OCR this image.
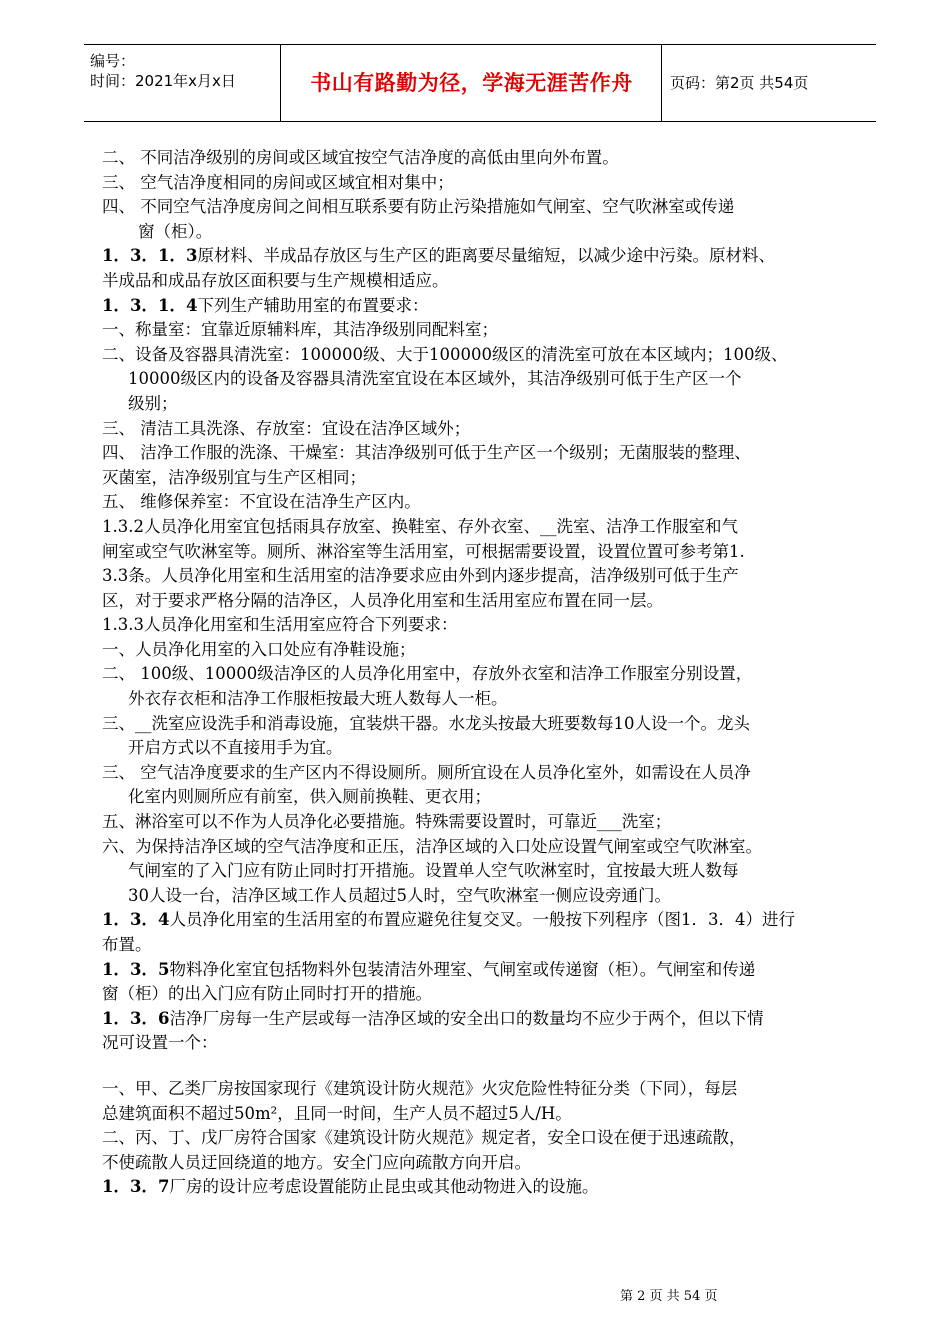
编号：
时间：2021年x月x日	书山有路勤为径，学海无涯苦作舟	页码：第2页 共54页
二、 不同洁净级别的房间或区域宜按空气洁净度的高低由里向外布置。
三、 空气洁净度相同的房间或区域宜相对集中；
四、 不同空气洁净度房间之间相互联系要有防止污染措施如气闸室、空气吹淋室或传递
窗（柜）。
1．3．1．3原材料、半成品存放区与生产区的距离要尽量缩短，以减少途中污染。原材料、
半成品和成品存放区面积要与生产规模相适应。
1．3．1．4下列生产辅助用室的布置要求：
一、称量室：宜靠近原辅料库，其洁净级别同配料室；
二、设备及容器具清洗室：100000级、大于100000级区的清洗室可放在本区域内；100级、
10000级区内的设备及容器具清洗室宜设在本区域外，其洁净级别可低于生产区一个
级别；
三、 清洁工具洗涤、存放室：宜设在洁净区域外；
四、 洁净工作服的洗涤、干燥室：其洁净级别可低于生产区一个级别；无菌服装的整理、
灭菌室，洁净级别宜与生产区相同；
五、 维修保养室：不宜设在洁净生产区内。
1.3.2人员净化用室宜包括雨具存放室、换鞋室、存外衣室、__洗室、洁净工作服室和气
闸室或空气吹淋室等。厕所、淋浴室等生活用室，可根据需要设置，设置位置可参考第1.
3.3条。人员净化用室和生活用室的洁净要求应由外到内逐步提高，洁净级别可低于生产
区，对于要求严格分隔的洁净区，人员净化用室和生活用室应布置在同一层。
1.3.3人员净化用室和生活用室应符合下列要求：
一、人员净化用室的入口处应有净鞋设施；
二、 100级、10000级洁净区的人员净化用室中，存放外衣室和洁净工作服室分别设置，
外衣存衣柜和洁净工作服柜按最大班人数每人一柜。
三、__洗室应设洗手和消毒设施，宜装烘干器。水龙头按最大班要数每10人设一个。龙头
开启方式以不直接用手为宜。
三、 空气洁净度要求的生产区内不得设厕所。厕所宜设在人员净化室外，如需设在人员净
化室内则厕所应有前室，供入厕前换鞋、更衣用；
五、淋浴室可以不作为人员净化必要措施。特殊需要设置时，可靠近___洗室；
六、为保持洁净区域的空气洁净度和正压，洁净区域的入口处应设置气闸室或空气吹淋室。
气闸室的了入门应有防止同时打开措施。设置单人空气吹淋室时，宜按最大班人数每
30人设一台，洁净区域工作人员超过5人时，空气吹淋室一侧应设旁通门。
1．3．4人员净化用室的生活用室的布置应避免往复交叉。一般按下列程序（图1．3．4）进行
布置。
1．3．5物料净化室宜包括物料外包装清洁外理室、气闸室或传递窗（柜）。气闸室和传递
窗（柜）的出入门应有防止同时打开的措施。
1．3．6洁净厂房每一生产层或每一洁净区域的安全出口的数量均不应少于两个，但以下情
况可设置一个：
一、甲、乙类厂房按国家现行《建筑设计防火规范》火灾危险性特征分类（下同），每层
总建筑面积不超过50m²，且同一时间，生产人员不超过5人/H。
二、丙、丁、戊厂房符合国家《建筑设计防火规范》规定者，安全口设在便于迅速疏散，
不使疏散人员迂回绕道的地方。安全门应向疏散方向开启。
1．3．7厂房的设计应考虑设置能防止昆虫或其他动物进入的设施。
第 2 页 共 54 页
